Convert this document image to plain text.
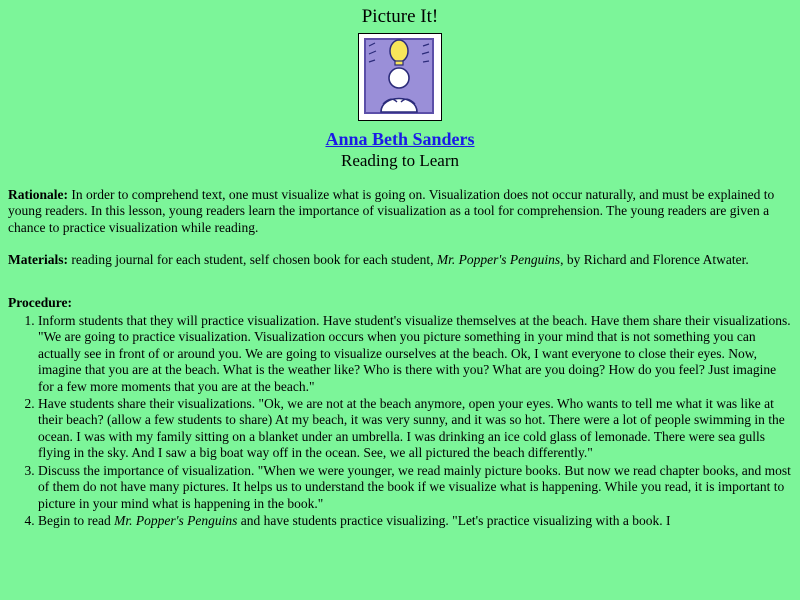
Picture It!
Anna Beth Sanders
Reading to Learn
Rationale: In order to comprehend text, one must visualize what is going on. Visualization does not occur naturally, and must be explained to young readers. In this lesson, young readers learn the importance of visualization as a tool for comprehension. The young readers are given a chance to practice visualization while reading.
Materials: reading journal for each student, self chosen book for each student, Mr. Popper's Penguins, by Richard and Florence Atwater.
Procedure:
1. Inform students that they will practice visualization. Have student's visualize themselves at the beach. Have them share their visualizations. "We are going to practice visualization. Visualization occurs when you picture something in your mind that is not something you can actually see in front of or around you. We are going to visualize ourselves at the beach. Ok, I want everyone to close their eyes. Now, imagine that you are at the beach. What is the weather like? Who is there with you? What are you doing? How do you feel? Just imagine for a few more moments that you are at the beach."
2. Have students share their visualizations. "Ok, we are not at the beach anymore, open your eyes. Who wants to tell me what it was like at their beach? (allow a few students to share) At my beach, it was very sunny, and it was so hot. There were a lot of people swimming in the ocean. I was with my family sitting on a blanket under an umbrella. I was drinking an ice cold glass of lemonade. There were sea gulls flying in the sky. And I saw a big boat way off in the ocean. See, we all pictured the beach differently."
3. Discuss the importance of visualization. "When we were younger, we read mainly picture books. But now we read chapter books, and most of them do not have many pictures. It helps us to understand the book if we visualize what is happening. While you read, it is important to picture in your mind what is happening in the book."
4. Begin to read Mr. Popper's Penguins and have students practice visualizing. "Let's practice visualizing with a book. I
